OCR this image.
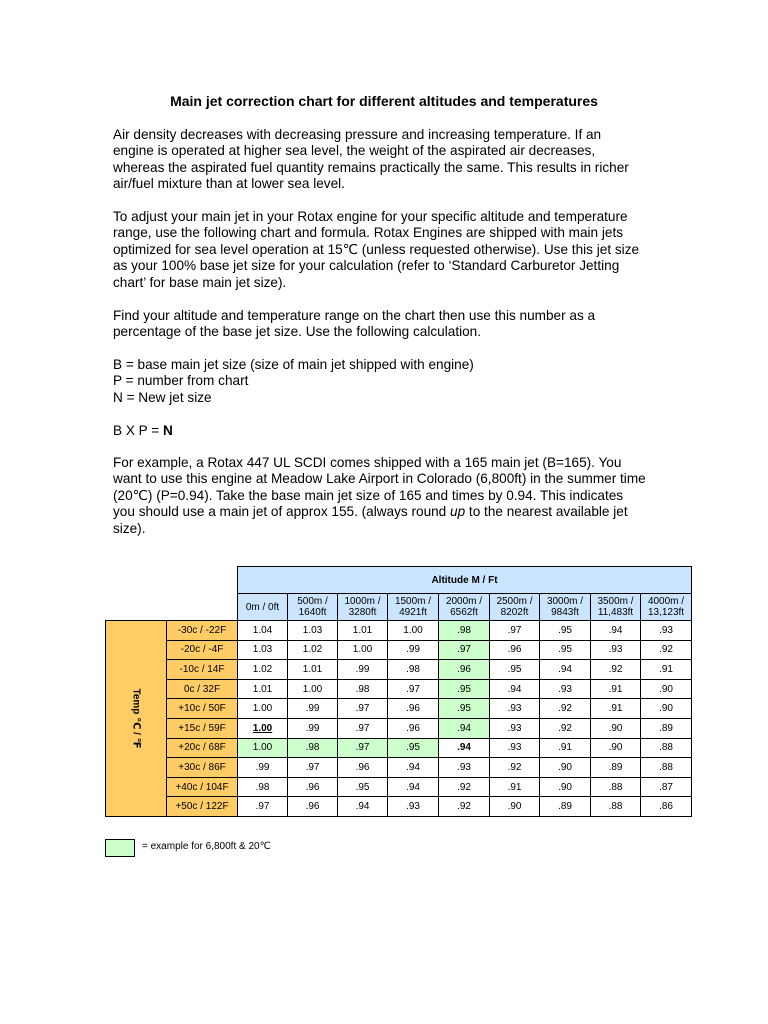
Main jet correction chart for different altitudes and temperatures

Air density decreases with decreasing pressure and increasing temperature. If an
engine is operated at higher sea level, the weight of the aspirated air decreases,
whereas the aspirated fuel quantity remains practically the same. This results in richer
air/fuel mixture than at lower sea level.

To adjust your main jet in your Rotax engine for your specific altitude and temperature
range, use the following chart and formula. Rotax Engines are shipped with main jets
optimized for sea level operation at 15℃ (unless requested otherwise). Use this jet size
as your 100% base jet size for your calculation (refer to ‘Standard Carburetor Jetting
chart’ for base main jet size).

Find your altitude and temperature range on the chart then use this number as a
percentage of the base jet size. Use the following calculation.

B = base main jet size (size of main jet shipped with engine)
P = number from chart
N = New jet size

B X P = N

For example, a Rotax 447 UL SCDI comes shipped with a 165 main jet (B=165). You
want to use this engine at Meadow Lake Airport in Colorado (6,800ft) in the summer time
(20℃) (P=0.94). Take the base main jet size of 165 and times by 0.94. This indicates
you should use a main jet of approx 155. (always round up to the nearest available jet
size).

		Altitude M / Ft								

		0m / 0ft	500m /
1640ft	1000m /
3280ft	1500m /
4921ft	2000m /
6562ft	2500m /
8202ft	3000m /
9843ft	3500m /
11,483ft	4000m /
13,123ft

Temp ℃ / ℉	-30c / -22F	1.04	1.03	1.01	1.00	.98	.97	.95	.94	.93
	-20c / -4F	1.03	1.02	1.00	.99	.97	.96	.95	.93	.92
	-10c / 14F	1.02	1.01	.99	.98	.96	.95	.94	.92	.91
	0c / 32F	1.01	1.00	.98	.97	.95	.94	.93	.91	.90
	+10c / 50F	1.00	.99	.97	.96	.95	.93	.92	.91	.90
	+15c / 59F	1.00	.99	.97	.96	.94	.93	.92	.90	.89
	+20c / 68F	1.00	.98	.97	.95	.94	.93	.91	.90	.88
	+30c / 86F	.99	.97	.96	.94	.93	.92	.90	.89	.88
	+40c / 104F	.98	.96	.95	.94	.92	.91	.90	.88	.87
	+50c / 122F	.97	.96	.94	.93	.92	.90	.89	.88	.86
= example for 6,800ft & 20℃
